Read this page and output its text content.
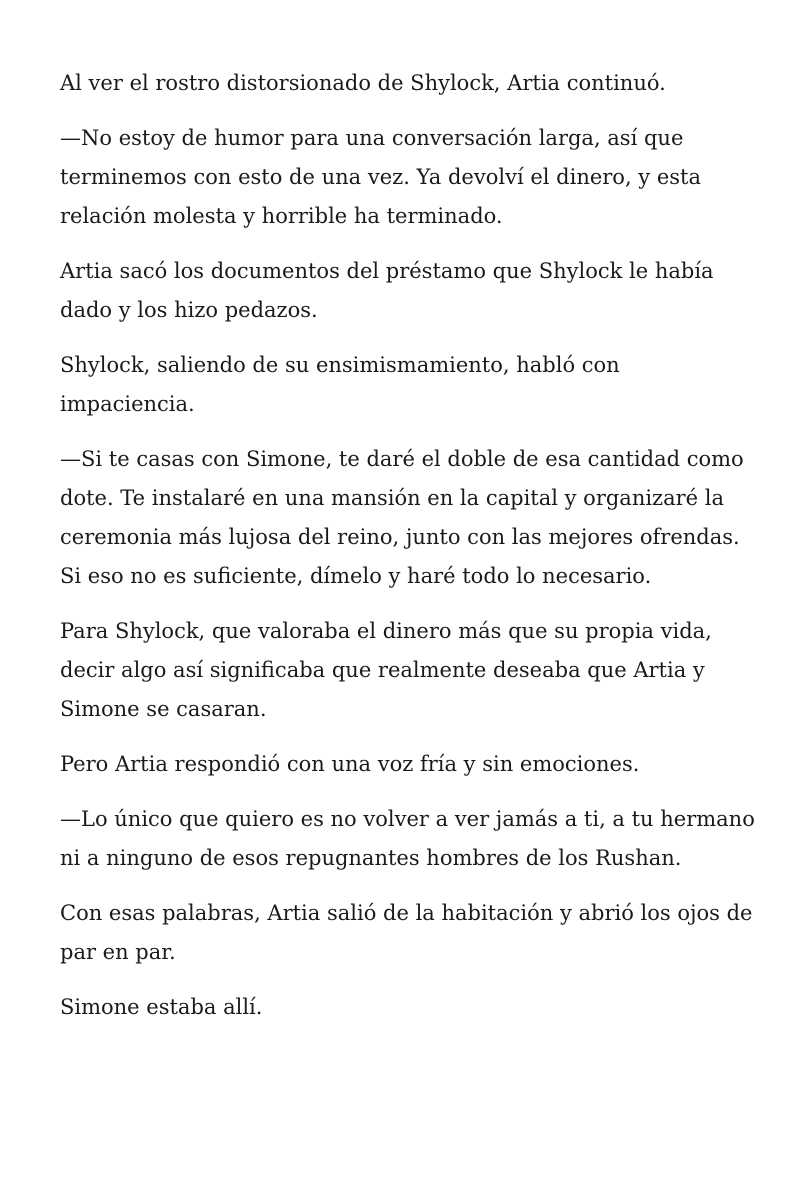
Al ver el rostro distorsionado de Shylock, Artia continuó.

—No estoy de humor para una conversación larga, así que terminemos con esto de una vez. Ya devolví el dinero, y esta relación molesta y horrible ha terminado.

Artia sacó los documentos del préstamo que Shylock le había dado y los hizo pedazos.

Shylock, saliendo de su ensimismamiento, habló con impaciencia.

—Si te casas con Simone, te daré el doble de esa cantidad como dote. Te instalaré en una mansión en la capital y organizaré la ceremonia más lujosa del reino, junto con las mejores ofrendas. Si eso no es suficiente, dímelo y haré todo lo necesario.

Para Shylock, que valoraba el dinero más que su propia vida, decir algo así significaba que realmente deseaba que Artia y Simone se casaran.

Pero Artia respondió con una voz fría y sin emociones.

—Lo único que quiero es no volver a ver jamás a ti, a tu hermano ni a ninguno de esos repugnantes hombres de los Rushan.

Con esas palabras, Artia salió de la habitación y abrió los ojos de par en par.

Simone estaba allí.
